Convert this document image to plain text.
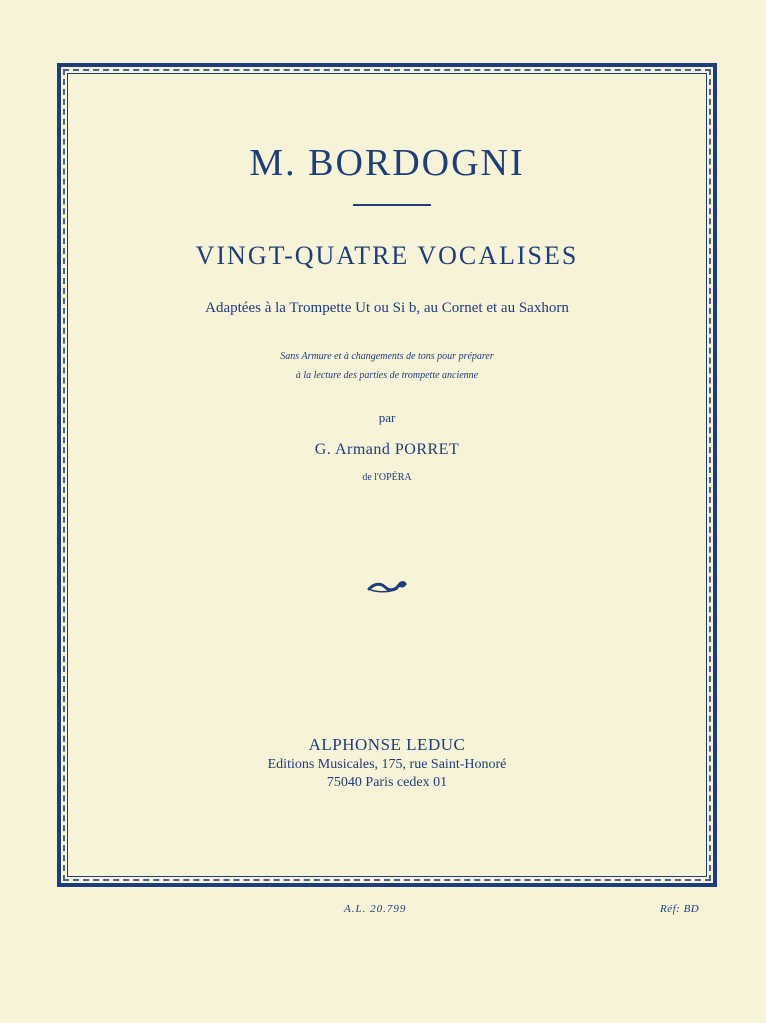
M. BORDOGNI
VINGT-QUATRE VOCALISES
Adaptées à la Trompette Ut ou Si b, au Cornet et au Saxhorn
Sans Armure et à changements de tons pour préparer
à la lecture des parties de trompette ancienne
par
G. Armand PORRET
de l'OPÉRA
ALPHONSE LEDUC
Editions Musicales, 175, rue Saint-Honoré
75040 Paris cedex 01
A.L. 20.799	Réf: BD
